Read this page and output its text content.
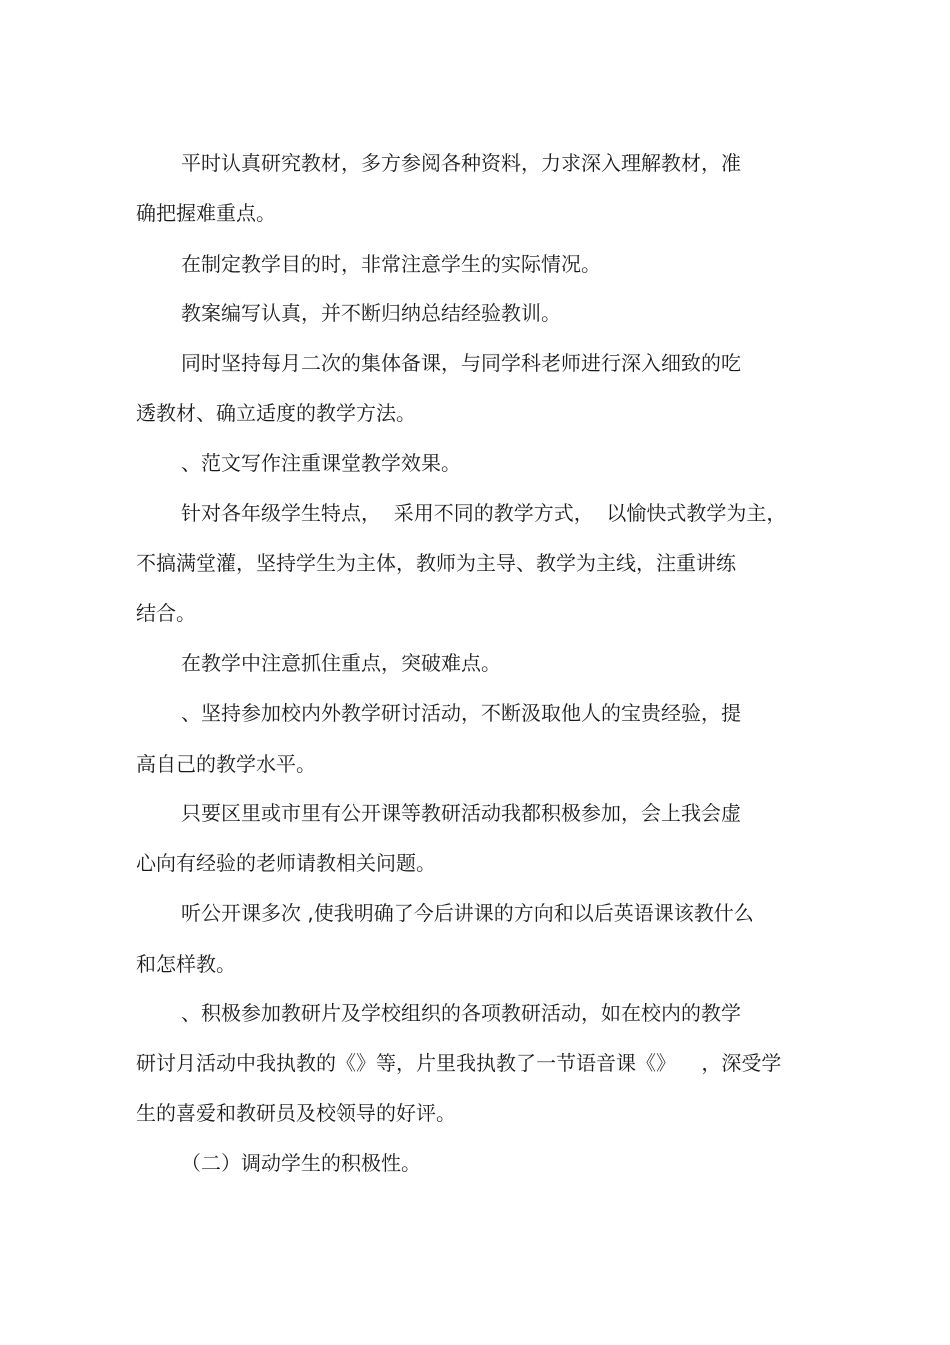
平时认真研究教材，多方参阅各种资料，力求深入理解教材，准
确把握难重点。
在制定教学目的时，非常注意学生的实际情况。
教案编写认真，并不断归纳总结经验教训。
同时坚持每月二次的集体备课，与同学科老师进行深入细致的吃
透教材、确立适度的教学方法。
、范文写作注重课堂教学效果。
针对各年级学生特点，  采用不同的教学方式，  以愉快式教学为主，
不搞满堂灌，坚持学生为主体，教师为主导、教学为主线，注重讲练
结合。
在教学中注意抓住重点，突破难点。
、坚持参加校内外教学研讨活动，不断汲取他人的宝贵经验，提
高自己的教学水平。
只要区里或市里有公开课等教研活动我都积极参加，会上我会虚
心向有经验的老师请教相关问题。
听公开课多次 ,使我明确了今后讲课的方向和以后英语课该教什么
和怎样教。
、积极参加教研片及学校组织的各项教研活动，如在校内的教学
研讨月活动中我执教的《》等，片里我执教了一节语音课《》    ，深受学
生的喜爱和教研员及校领导的好评。
（二）调动学生的积极性。
